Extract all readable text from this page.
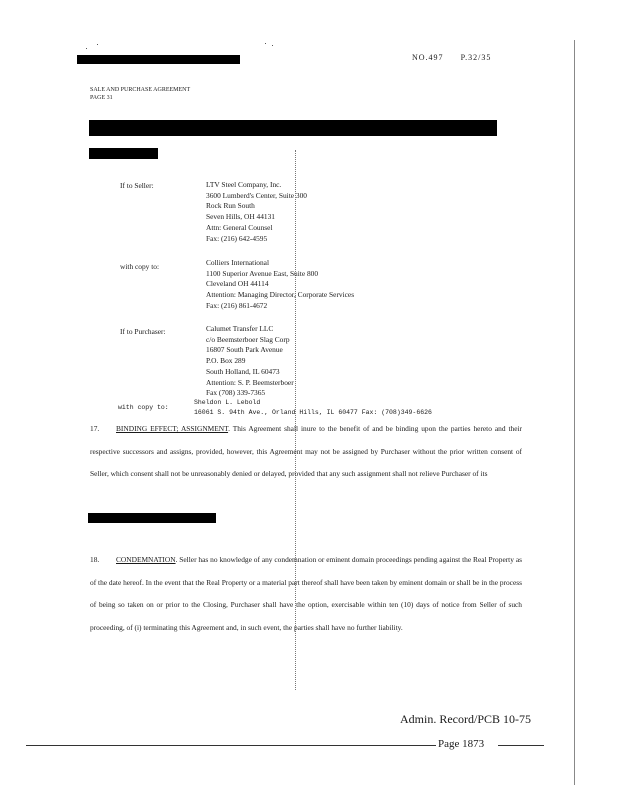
NO.497 P.32/35
SALE AND PURCHASE AGREEMENT
PAGE 31
If to Seller:	LTV Steel Company, Inc.
3600 Lumberd's Center, Suite 300
Rock Run South
Seven Hills, OH 44131
Attn: General Counsel
Fax: (216) 642-4595
with copy to:	Colliers International
1100 Superior Avenue East, Suite 800
Cleveland OH 44114
Attention: Managing Director, Corporate Services
Fax: (216) 861-4672
If to Purchaser:	Calumet Transfer LLC
c/o Beemsterboer Slag Corp
16807 South Park Avenue
P.O. Box 289
South Holland, IL 60473
Attention: S. P. Beemsterboer
Fax (708) 339-7365
with copy to:
Sheldon L. Lebold
16061 S. 94th Ave., Orland Hills, IL 60477 Fax: (708)349-6626
17. BINDING EFFECT; ASSIGNMENT. This Agreement shall inure to the benefit of and be binding upon the parties hereto and their respective successors and assigns, provided, however, this Agreement may not be assigned by Purchaser without the prior written consent of Seller, which consent shall not be unreasonably denied or delayed, provided that any such assignment shall not relieve Purchaser of its
18. CONDEMNATION. Seller has no knowledge of any condemnation or eminent domain proceedings pending against the Real Property as of the date hereof. In the event that the Real Property or a material part thereof shall have been taken by eminent domain or shall be in the process of being so taken on or prior to the Closing, Purchaser shall have the option, exercisable within ten (10) days of notice from Seller of such proceeding, of (i) terminating this Agreement and, in such event, the parties shall have no further liability.
Admin. Record/PCB 10-75
Page 1873
